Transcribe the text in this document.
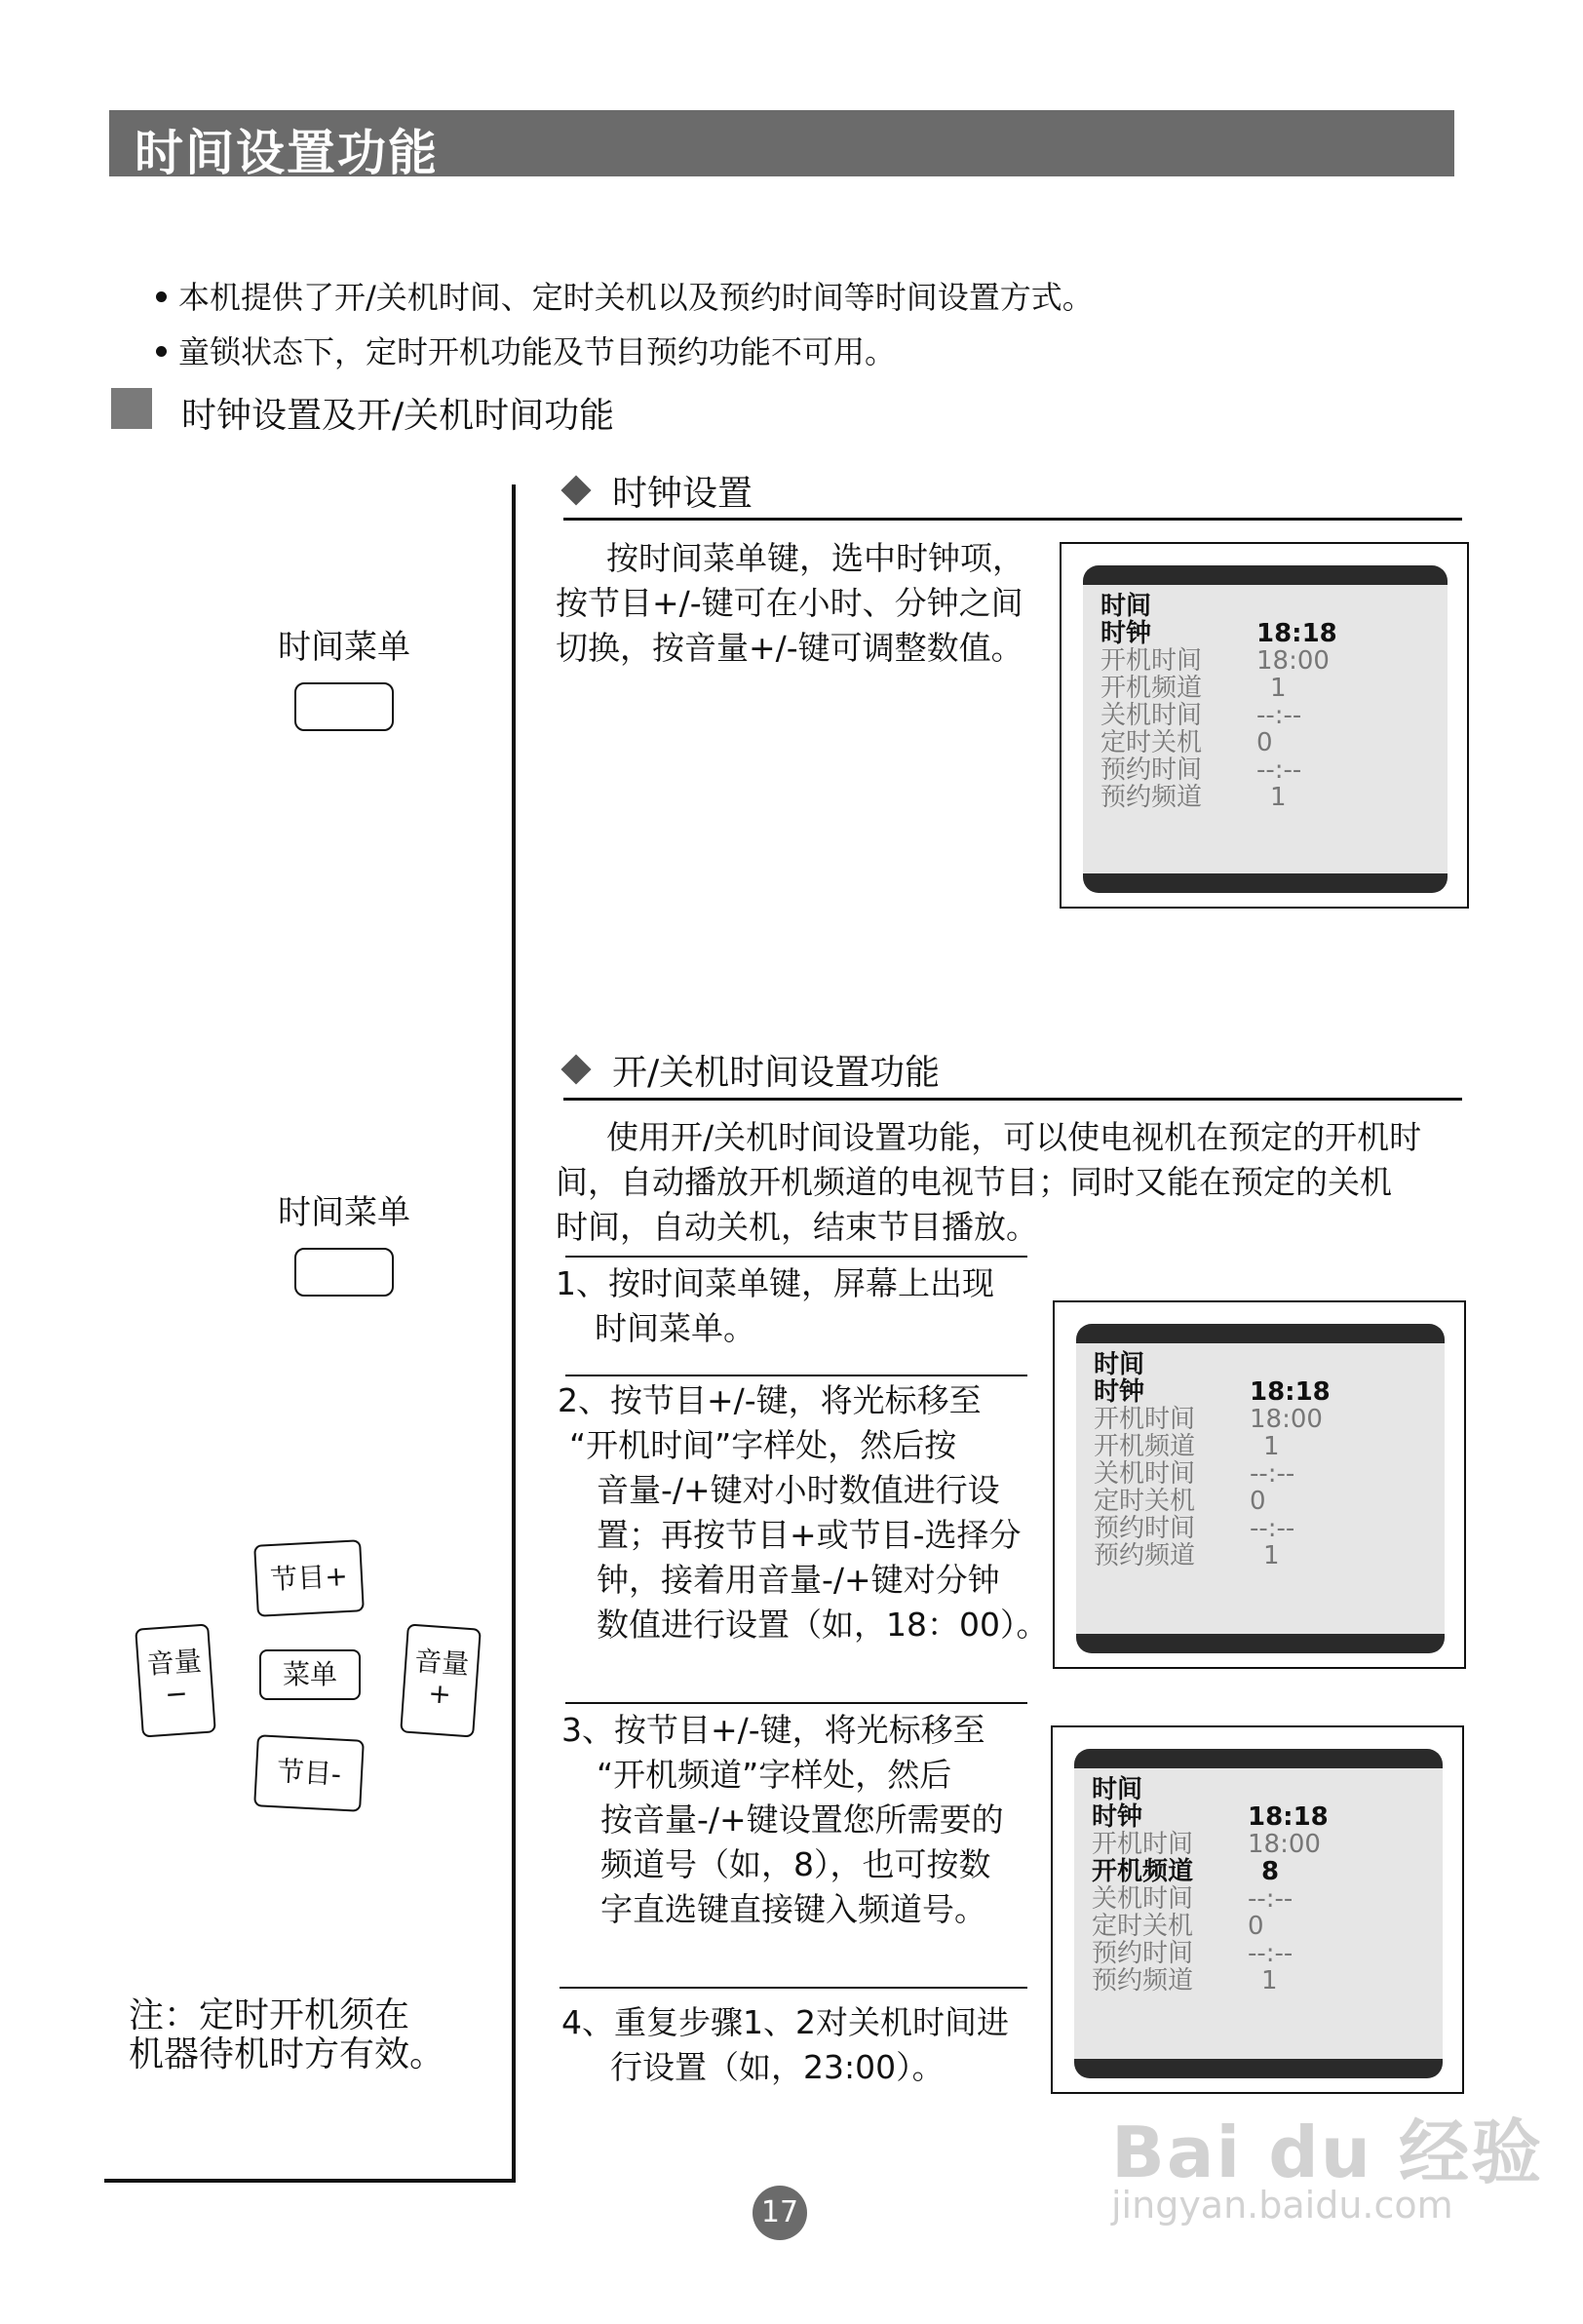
时间设置功能
本机提供了开/关机时间、定时关机以及预约时间等时间设置方式。
童锁状态下，定时开机功能及节目预约功能不可用。
时钟设置及开/关机时间功能
时钟设置
时间菜单
按时间菜单键，选中时钟项，
按节目+/-键可在小时、分钟之间
切换，按音量+/-键可调整数值。
时间
时钟	18:18
开机时间 18:00
开机频道	1
关机时间 --:--
定时关机 0
预约时间 --:--
预约频道	1
开/关机时间设置功能
时间菜单
使用开/关机时间设置功能，可以使电视机在预定的开机时
间，自动播放开机频道的电视节目；同时又能在预定的关机
时间，自动关机，结束节目播放。
1、按时间菜单键，屏幕上出现
时间菜单。
2、按节目+/-键，将光标移至
“开机时间”字样处，然后按
音量-/+键对小时数值进行设
置；再按节目+或节目-选择分
钟，接着用音量-/+键对分钟
数值进行设置（如，18：00）。
时间
时钟	18:18
开机时间 18:00
开机频道	1
关机时间 --:--
定时关机 0
预约时间 --:--
预约频道	1
节目+
音量
−
菜单	音量
+
节目-
3、按节目+/-键，将光标移至
“开机频道”字样处，然后
按音量-/+键设置您所需要的
频道号（如，8），也可按数
字直选键直接键入频道号。
时间
时钟	18:18
开机时间 18:00
开机频道	8
关机时间 --:--
定时关机 0
预约时间 --:--
预约频道	1
4、重复步骤1、2对关机时间进
行设置（如，23:00）。
注：定时开机须在
机器待机时方有效。
17
Bai du 经验
jingyan.baidu.com
